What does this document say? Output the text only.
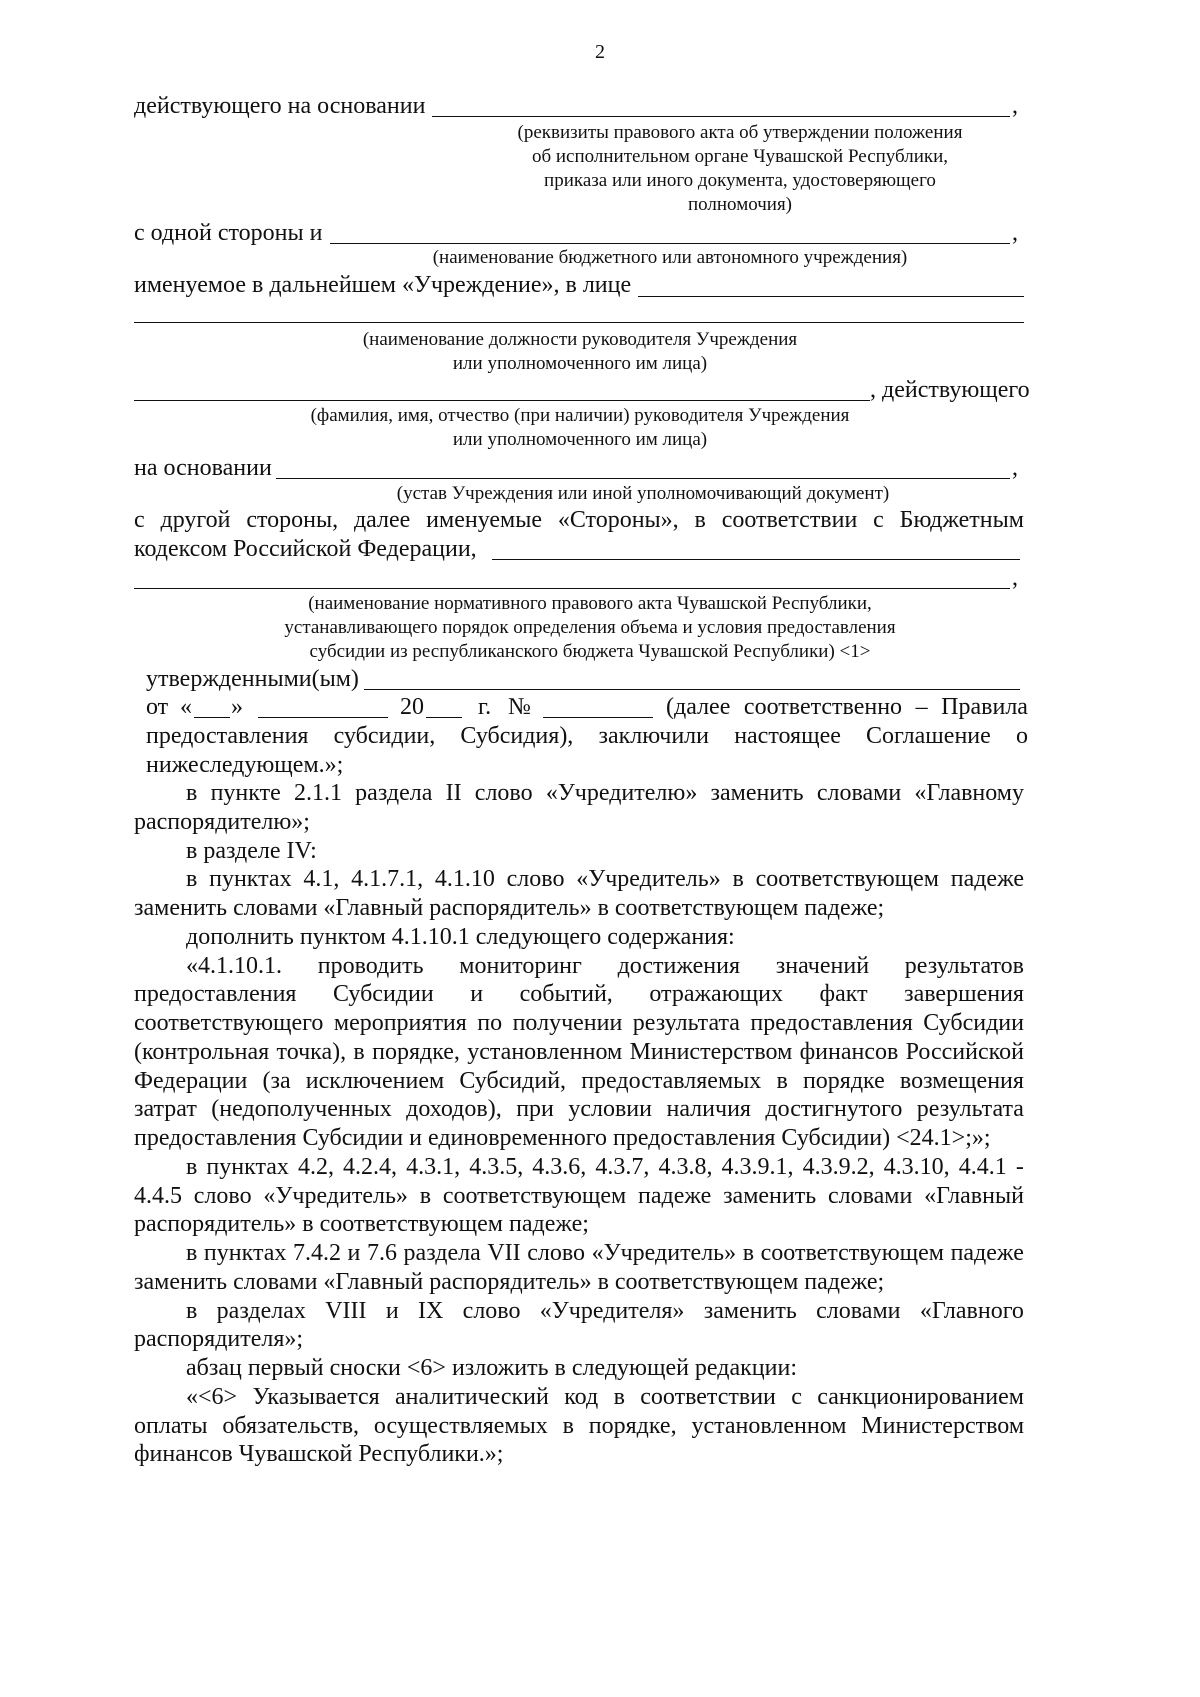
2
действующего на основании	,
(реквизиты правового акта об утверждении положения
об исполнительном органе Чувашской Республики,
приказа или иного документа, удостоверяющего
полномочия)
с одной стороны и	,
(наименование бюджетного или автономного учреждения)
именуемое в дальнейшем «Учреждение», в лице
(наименование должности руководителя Учреждения
или уполномоченного им лица)
, действующего
(фамилия, имя, отчество (при наличии) руководителя Учреждения
или уполномоченного им лица)
на основании	,
(устав Учреждения или иной уполномочивающий документ)
с другой стороны, далее именуемые «Стороны», в соответствии с Бюджетным
кодексом Российской Федерации,
,
(наименование нормативного правового акта Чувашской Республики,
устанавливающего порядок определения объема и условия предоставления
субсидии из республиканского бюджета Чувашской Республики) <1>
утвержденными(ым)
от « »	20 г. №	(далее соответственно – Правила
предоставления субсидии, Субсидия), заключили настоящее Соглашение о
нижеследующем.»;
в пункте 2.1.1 раздела II слово «Учредителю» заменить словами «Главному
распорядителю»;
в разделе IV:
в пунктах 4.1, 4.1.7.1, 4.1.10 слово «Учредитель» в соответствующем падеже
заменить словами «Главный распорядитель» в соответствующем падеже;
дополнить пунктом 4.1.10.1 следующего содержания:
«4.1.10.1. проводить мониторинг достижения значений результатов
предоставления Субсидии и событий, отражающих факт завершения
соответствующего мероприятия по получении результата предоставления Субсидии
(контрольная точка), в порядке, установленном Министерством финансов Российской
Федерации (за исключением Субсидий, предоставляемых в порядке возмещения
затрат (недополученных доходов), при условии наличия достигнутого результата
предоставления Субсидии и единовременного предоставления Субсидии) <24.1>;»;
в пунктах 4.2, 4.2.4, 4.3.1, 4.3.5, 4.3.6, 4.3.7, 4.3.8, 4.3.9.1, 4.3.9.2, 4.3.10, 4.4.1 -
4.4.5 слово «Учредитель» в соответствующем падеже заменить словами «Главный
распорядитель» в соответствующем падеже;
в пунктах 7.4.2 и 7.6 раздела VII слово «Учредитель» в соответствующем падеже
заменить словами «Главный распорядитель» в соответствующем падеже;
в разделах VIII и IX слово «Учредителя» заменить словами «Главного
распорядителя»;
абзац первый сноски <6> изложить в следующей редакции:
«<6> Указывается аналитический код в соответствии с санкционированием
оплаты обязательств, осуществляемых в порядке, установленном Министерством
финансов Чувашской Республики.»;
